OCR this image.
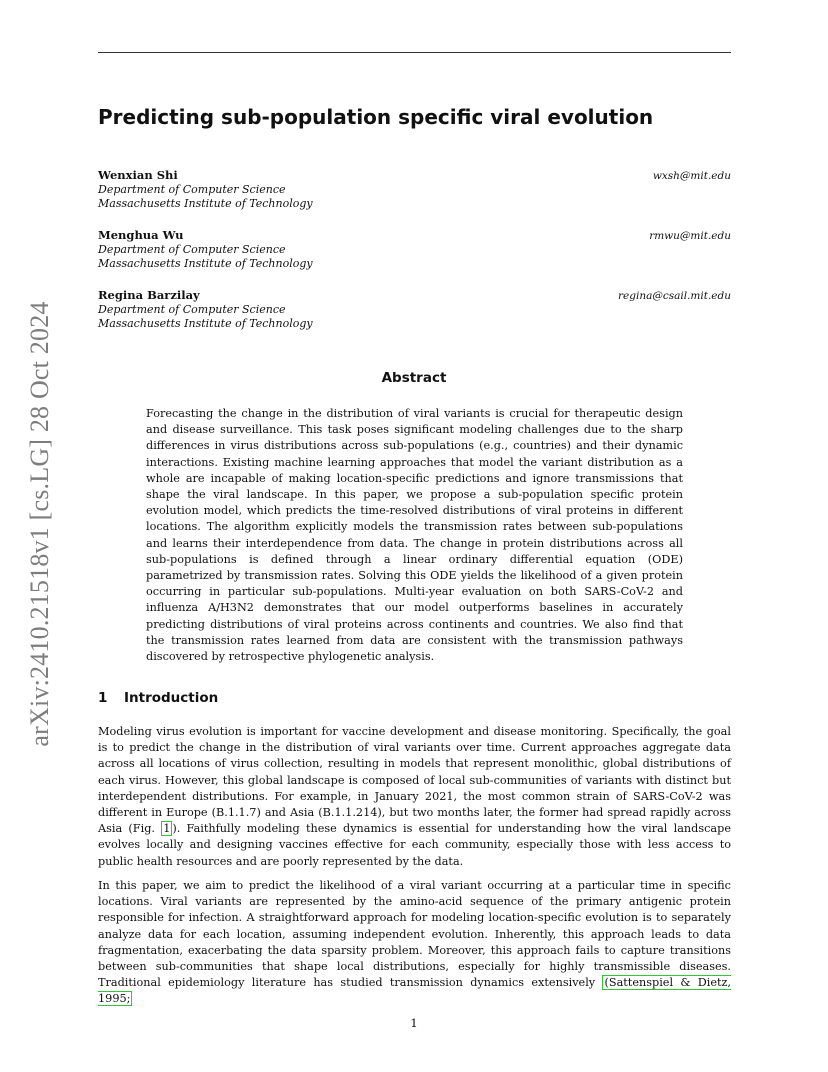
arXiv:2410.21518v1 [cs.LG] 28 Oct 2024
Predicting sub-population specific viral evolution
Wenxian Shi
Department of Computer Science
Massachusetts Institute of Technology
wxsh@mit.edu
Menghua Wu
Department of Computer Science
Massachusetts Institute of Technology
rmwu@mit.edu
Regina Barzilay
Department of Computer Science
Massachusetts Institute of Technology
regina@csail.mit.edu
Abstract

Forecasting the change in the distribution of viral variants is crucial for therapeutic design and disease surveillance. This task poses significant modeling challenges due to the sharp differences in virus distributions across sub-populations (e.g., countries) and their dynamic interactions. Existing machine learning approaches that model the variant distribution as a whole are incapable of making location-specific predictions and ignore transmissions that shape the viral landscape. In this paper, we propose a sub-population specific protein evolution model, which predicts the time-resolved distributions of viral proteins in different locations. The algorithm explicitly models the transmission rates between sub-populations and learns their interdependence from data. The change in protein distributions across all sub-populations is defined through a linear ordinary differential equation (ODE) parametrized by transmission rates. Solving this ODE yields the likelihood of a given protein occurring in particular sub-populations. Multi-year evaluation on both SARS-CoV-2 and influenza A/H3N2 demonstrates that our model outperforms baselines in accurately predicting distributions of viral proteins across continents and countries. We also find that the transmission rates learned from data are consistent with the transmission pathways discovered by retrospective phylogenetic analysis.

1 Introduction

Modeling virus evolution is important for vaccine development and disease monitoring. Specifically, the goal is to predict the change in the distribution of viral variants over time. Current approaches aggregate data across all locations of virus collection, resulting in models that represent monolithic, global distributions of each virus. However, this global landscape is composed of local sub-communities of variants with distinct but interdependent distributions. For example, in January 2021, the most common strain of SARS-CoV-2 was different in Europe (B.1.1.7) and Asia (B.1.1.214), but two months later, the former had spread rapidly across Asia (Fig. 1 ). Faithfully modeling these dynamics is essential for understanding how the viral landscape evolves locally and designing vaccines effective for each community, especially those with less access to public health resources and are poorly represented by the data.

In this paper, we aim to predict the likelihood of a viral variant occurring at a particular time in specific locations. Viral variants are represented by the amino-acid sequence of the primary antigenic protein responsible for infection. A straightforward approach for modeling location-specific evolution is to separately analyze data for each location, assuming independent evolution. Inherently, this approach leads to data fragmentation, exacerbating the data sparsity problem. Moreover, this approach fails to capture transitions between sub-communities that shape local distributions, especially for highly transmissible diseases. Traditional epidemiology literature has studied transmission dynamics extensively (Sattenspiel & Dietz, 1995;

1
